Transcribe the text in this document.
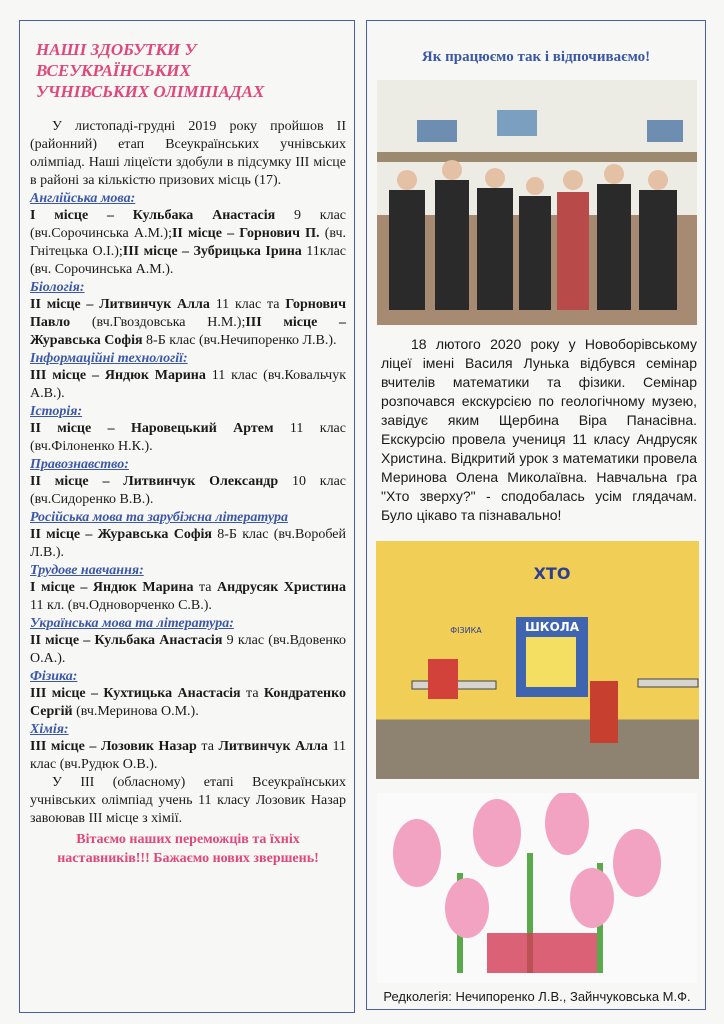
НАШІ ЗДОБУТКИ У ВСЕУКРАЇНСЬКИХ УЧНІВСЬКИХ ОЛІМПІАДАХ

У листопаді-грудні 2019 року пройшов ІІ (районний) етап Всеукраїнських учнівських олімпіад. Наші ліцеїсти здобули в підсумку ІІІ місце в районі за кількістю призових місць (17).

Англійська мова:

І місце – Кульбака Анастасія 9 клас (вч.Сорочинська А.М.);ІІ місце – Горнович П. (вч. Гнітецька О.І.);ІІІ місце – Зубрицька Ірина 11клас (вч. Сорочинська А.М.).

Біологія:

ІІ місце – Литвинчук Алла 11 клас та Горнович Павло (вч.Гвоздовська Н.М.);ІІІ місце – Журавська Софія 8-Б клас (вч.Нечипоренко Л.В.).

Інформаційні технології:

ІІІ місце – Яндюк Марина 11 клас (вч.Ковальчук А.В.).

Історія:

ІІ місце – Наровецький Артем 11 клас (вч.Філоненко Н.К.).

Правознавство:

ІІ місце – Литвинчук Олександр 10 клас (вч.Сидоренко В.В.).

Російська мова та зарубіжна література

ІІ місце – Журавська Софія 8-Б клас (вч.Воробей Л.В.).

Трудове навчання:

І місце – Яндюк Марина та Андрусяк Христина 11 кл. (вч.Одноворченко С.В.).

Українська мова та література:

ІІ місце – Кульбака Анастасія 9 клас (вч.Вдовенко О.А.).

Фізика:

ІІІ місце – Кухтицька Анастасія та Кондратенко Сергій (вч.Меринова О.М.).

Хімія:

ІІІ місце – Лозовик Назар та Литвинчук Алла 11 клас (вч.Рудюк О.В.).

У ІІІ (обласному) етапі Всеукраїнських учнівських олімпіад учень 11 класу Лозовик Назар завоював ІІІ місце з хімії.

Вітаємо наших переможців та їхніх наставників!!! Бажаємо нових звершень!
Як працюємо так і відпочиваємо!
18 лютого 2020 року у Новоборівському ліцеї імені Василя Лунька відбувся семінар вчителів математики та фізики. Семінар розпочався екскурсією по геологічному музею, завідує яким Щербина Віра Панасівна. Екскурсію провела учениця 11 класу Андрусяк Христина. Відкритий урок з математики провела Меринова Олена Миколаївна. Навчальна гра "Хто зверху?" - сподобалась усім глядачам. Було цікаво та пізнавально!
ШКОЛА
ХТО
ФІЗИКА
Редколегія: Нечипоренко Л.В., Зайнчуковська М.Ф.
